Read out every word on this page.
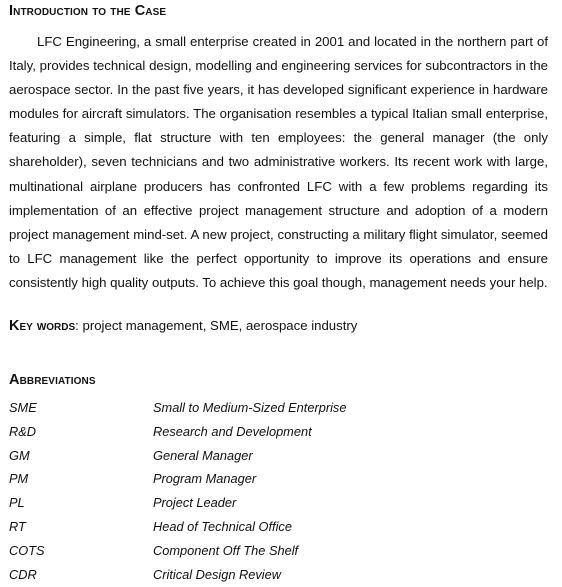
Introduction to the Case

LFC Engineering, a small enterprise created in 2001 and located in the northern part of Italy, provides technical design, modelling and engineering services for subcontractors in the aerospace sector. In the past five years, it has developed significant experience in hardware modules for aircraft simulators. The organisation resembles a typical Italian small enterprise, featuring a simple, flat structure with ten employees: the general manager (the only shareholder), seven technicians and two administrative workers. Its recent work with large, multinational airplane producers has confronted LFC with a few problems regarding its implementation of an effective project management structure and adoption of a modern project management mind-set. A new project, constructing a military flight simulator, seemed to LFC management like the perfect opportunity to improve its operations and ensure consistently high quality outputs. To achieve this goal though, management needs your help.

Key words: project management, SME, aerospace industry
Abbreviations
SME	Small to Medium-Sized Enterprise
R&D	Research and Development
GM	General Manager
PM	Program Manager
PL	Project Leader
RT	Head of Technical Office
COTS	Component Off The Shelf
CDR	Critical Design Review
